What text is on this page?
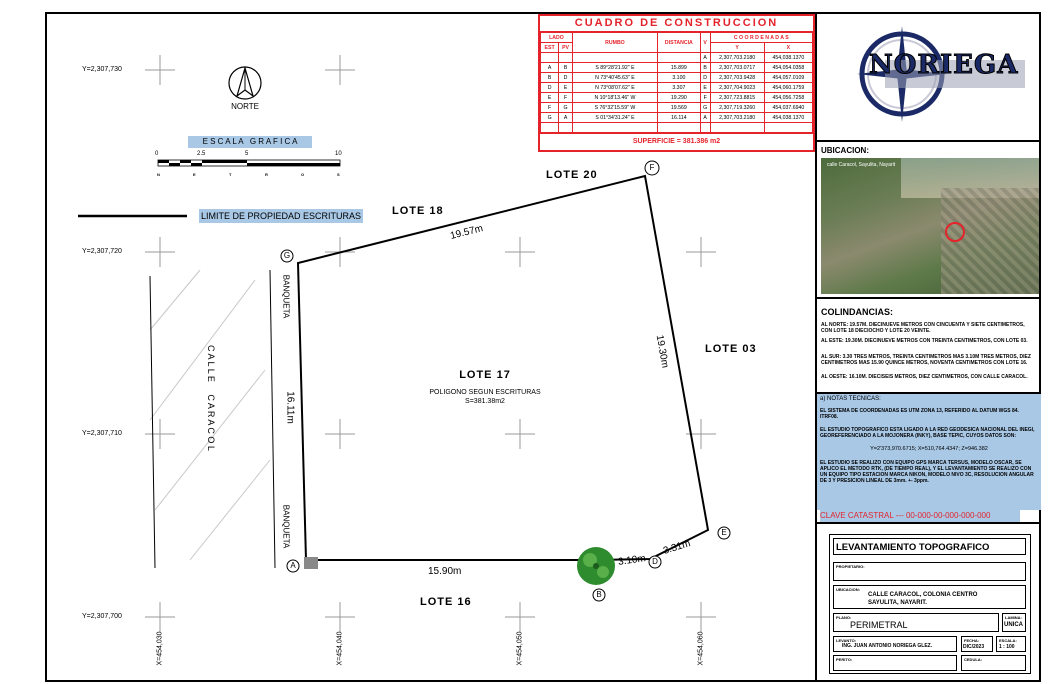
A
B
D
E
F
G
Y=2,307,730
Y=2,307,720
Y=2,307,710
Y=2,307,700
X=454,030	X=454,040	X=454,050	X=454,060
NORTE
E S C A L A   G R A F I C A
0	2.5	5	10
N	E	T	R	O	S
LIMITE DE PROPIEDAD ESCRITURAS	LOTE 18
LOTE 20
LOTE 03
LOTE 16
LOTE 17
POLIGONO SEGUN ESCRITURAS
S=381.38m2
C A L L E     C A R A C O L
BANQUETA
BANQUETA
19.57m
19.30m
16.11m
15.90m
3.10m
3.31m
CUADRO DE CONSTRUCCION
LADO		RUMBO	DISTANCIA	V	C O O R D E N A D A S	
EST	PV				Y	X
				A	2,307,703.2180	454,038.1370
A	B	S 89°28'21.92" E	15.899	B	2,307,703.0717	454,054.0358
B	D	N 73°40'45.63" E	3.100	D	2,307,703.9428	454,057.0109
D	E	N 73°08'07.62" E	3.307	E	2,307,704.9023	454,060.1759
E	F	N 10°18'13.46" W	19.290	F	2,307,723.8815	454,056.7258
F	G	S 76°32'15.59" W	19.569	G	2,307,719.3260	454,037.6940
G	A	S 01°34'31.24" E	16.114	A	2,307,703.2180	454,038.1370

SUPERFICIE = 381.386 m2
NORIEGA
UBICACION:
calle Caracol, Sayulita, Nayarit
COLINDANCIAS:
AL NORTE: 19.57M. DIECINUEVE METROS CON CINCUENTA Y SIETE CENTIMETROS, CON LOTE 18 DIECIOCHO Y LOTE 20 VEINTE.
AL ESTE: 19.30M. DIECINUEVE METROS CON TREINTA CENTIMETROS, CON LOTE 03.
AL SUR: 3.30 TRES METROS, TREINTA CENTIMETROS MAS 3.10M TRES METROS, DIEZ CENTIMETROS MAS 15.90 QUINCE METROS, NOVENTA CENTIMETROS CON LOTE 16.
AL OESTE: 16.10M. DIECISEIS METROS, DIEZ CENTIMETROS, CON CALLE CARACOL.
a) NOTAS TECNICAS:
EL SISTEMA DE COORDENADAS ES UTM ZONA 13, REFERIDO AL DATUM WGS 84. ITRF08.
EL ESTUDIO TOPOGRAFICO ESTA LIGADO A LA RED GEODESICA NACIONAL DEL INEGI, GEOREFERENCIADO A LA MOJONERA (INKY), BASE TEPIC, CUYOS DATOS SON:
Y=2'373,970.6715; X=510,764.4347; Z=946.382
EL ESTUDIO SE REALIZO CON EQUIPO GPS MARCA TERSUS, MODELO OSCAR, SE APLICO EL METODO RTK, (DE TIEMPO REAL), Y EL LEVANTAMIENTO SE REALIZO CON UN EQUIPO TIPO ESTACION MARCA NIKON, MODELO NIVO 3C, RESOLUCION ANGULAR DE 3 Y PRESICION LINEAL DE 3mm. +- 3ppm.
CLAVE CATASTRAL --- 00-000-00-000-000-000
LEVANTAMIENTO TOPOGRAFICO
PROPIETARIO:
UBICACION:
CALLE CARACOL, COLONIA CENTRO
SAYULITA, NAYARIT.
PLANO:
PERIMETRAL
LAMINA:
UNICA
LEVANTO:
ING. JUAN ANTONIO NORIEGA GLEZ.
FECHA:
DIC/2023
ESCALA:
1 : 100
PERITO:	CEDULA:
